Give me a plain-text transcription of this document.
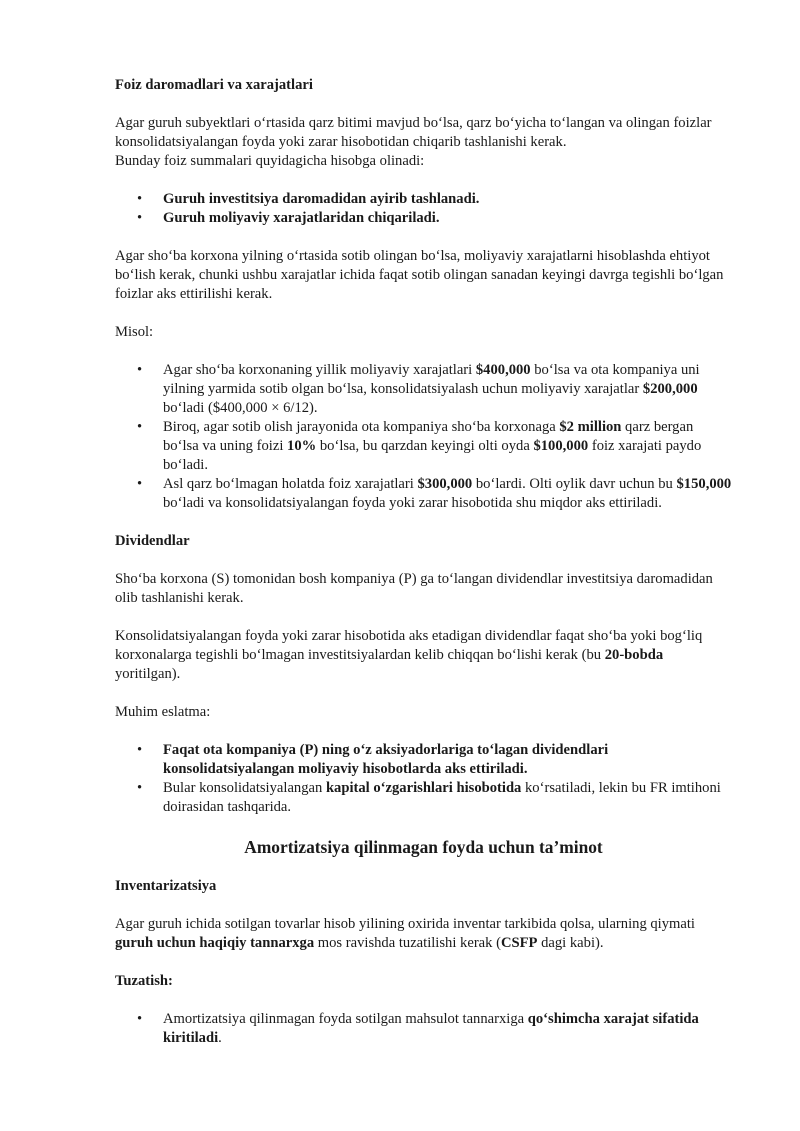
Foiz daromadlari va xarajatlari

Agar guruh subyektlari o‘rtasida qarz bitimi mavjud bo‘lsa, qarz bo‘yicha to‘langan va olingan foizlar konsolidatsiyalangan foyda yoki zarar hisobotidan chiqarib tashlanishi kerak.
Bunday foiz summalari quyidagicha hisobga olinadi:

• Guruh investitsiya daromadidan ayirib tashlanadi.
• Guruh moliyaviy xarajatlaridan chiqariladi.

Agar sho‘ba korxona yilning o‘rtasida sotib olingan bo‘lsa, moliyaviy xarajatlarni hisoblashda ehtiyot bo‘lish kerak, chunki ushbu xarajatlar ichida faqat sotib olingan sanadan keyingi davrga tegishli bo‘lgan foizlar aks ettirilishi kerak.

Misol:

• Agar sho‘ba korxonaning yillik moliyaviy xarajatlari $400,000 bo‘lsa va ota kompaniya uni yilning yarmida sotib olgan bo‘lsa, konsolidatsiyalash uchun moliyaviy xarajatlar $200,000 bo‘ladi ($400,000 × 6/12).
• Biroq, agar sotib olish jarayonida ota kompaniya sho‘ba korxonaga $2 million qarz bergan bo‘lsa va uning foizi 10% bo‘lsa, bu qarzdan keyingi olti oyda $100,000 foiz xarajati paydo bo‘ladi.
• Asl qarz bo‘lmagan holatda foiz xarajatlari $300,000 bo‘lardi. Olti oylik davr uchun bu $150,000 bo‘ladi va konsolidatsiyalangan foyda yoki zarar hisobotida shu miqdor aks ettiriladi.
Dividendlar

Sho‘ba korxona (S) tomonidan bosh kompaniya (P) ga to‘langan dividendlar investitsiya daromadidan olib tashlanishi kerak.

Konsolidatsiyalangan foyda yoki zarar hisobotida aks etadigan dividendlar faqat sho‘ba yoki bog‘liq korxonalarga tegishli bo‘lmagan investitsiyalardan kelib chiqqan bo‘lishi kerak (bu 20-bobda yoritilgan).

Muhim eslatma:

• Faqat ota kompaniya (P) ning o‘z aksiyadorlariga to‘lagan dividendlari konsolidatsiyalangan moliyaviy hisobotlarda aks ettiriladi.
• Bular konsolidatsiyalangan kapital o‘zgarishlari hisobotida ko‘rsatiladi, lekin bu FR imtihoni doirasidan tashqarida.
Amortizatsiya qilinmagan foyda uchun ta’minot
Inventarizatsiya

Agar guruh ichida sotilgan tovarlar hisob yilining oxirida inventar tarkibida qolsa, ularning qiymati guruh uchun haqiqiy tannarxga mos ravishda tuzatilishi kerak (CSFP dagi kabi).

Tuzatish:
• Amortizatsiya qilinmagan foyda sotilgan mahsulot tannarxiga qo‘shimcha xarajat sifatida kiritiladi.
